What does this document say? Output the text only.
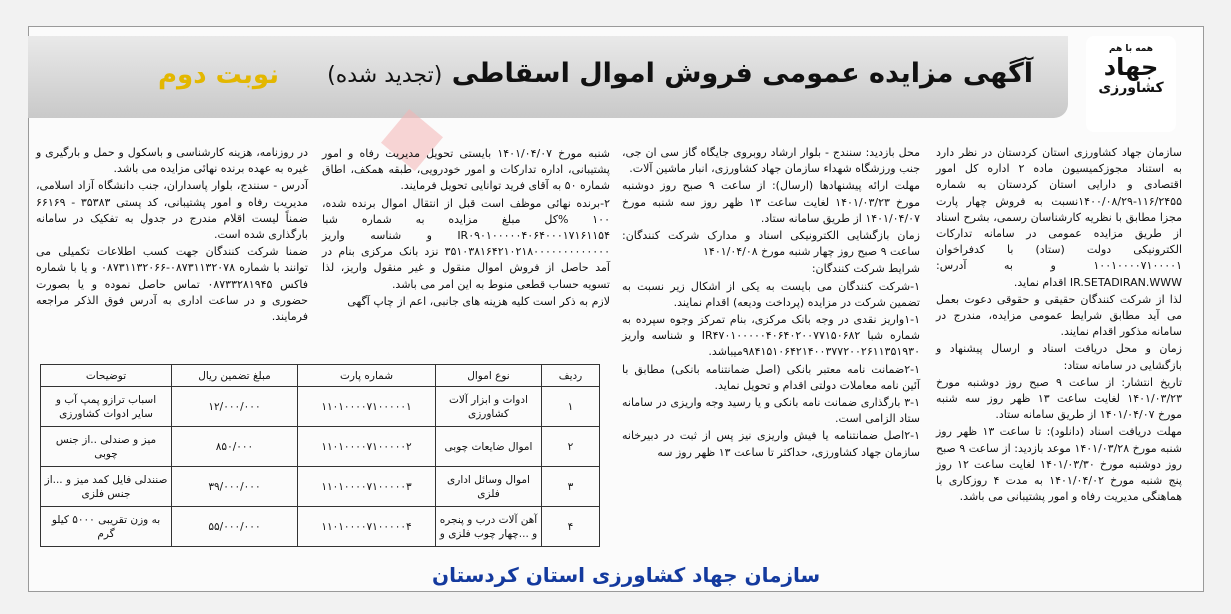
همه با هم
جهاد
کشاورزی
آگهی مزایده عمومی فروش اموال اسقاطی (تجدید شده)
نوبت دوم

سازمان جهاد کشاورزی استان کردستان در نظر دارد به استناد مجوزکمیسیون ماده ۲ اداره کل امور اقتصادی و دارایی استان کردستان به شماره ۱۱۶/۲۴۵۵-۱۴۰۰/۰۸/۲۹نسبت به فروش چهار پارت مجزا مطابق با نظریه کارشناسان رسمی، بشرح اسناد از طریق مزایده عمومی در سامانه تدارکات الکترونیکی دولت (ستاد) با کدفراخوان ۱۰۰۱۰۰۰۰۷۱۰۰۰۰۱ و به آدرس: IR.SETADIRAN.WWW اقدام نماید.

لذا از شرکت کنندگان حقیقی و حقوقی دعوت بعمل می آید مطابق شرایط عمومی مزایده، مندرج در سامانه مذکور اقدام نمایند.

زمان و محل دریافت اسناد و ارسال پیشنهاد و بازگشایی در سامانه ستاد:

تاریخ انتشار: از ساعت ۹ صبح روز دوشنبه مورخ ۱۴۰۱/۰۳/۲۳ لغایت ساعت ۱۳ ظهر روز سه شنبه مورخ ۱۴۰۱/۰۴/۰۷ از طریق سامانه ستاد.

مهلت دریافت اسناد (دانلود): تا ساعت ۱۳ ظهر روز شنبه مورخ ۱۴۰۱/۰۳/۲۸ موعد بازدید: از ساعت ۹ صبح روز دوشنبه مورخ ۱۴۰۱/۰۳/۳۰ لغایت ساعت ۱۲ روز پنج شنبه مورخ ۱۴۰۱/۰۴/۰۲ به مدت ۴ روزکاری با هماهنگی مدیریت رفاه و امور پشتیبانی می باشد.

محل بازدید: سنندج - بلوار ارشاد روبروی جایگاه گاز سی ان جی، جنب ورزشگاه شهداء سازمان جهاد کشاورزی، انبار ماشین آلات.

مهلت ارائه پیشنهادها (ارسال): از ساعت ۹ صبح روز دوشنبه مورخ ۱۴۰۱/۰۳/۲۳ لغایت ساعت ۱۳ ظهر روز سه شنبه مورخ ۱۴۰۱/۰۴/۰۷ از طریق سامانه ستاد.

زمان بازگشایی الکترونیکی اسناد و مدارک شرکت کنندگان: ساعت ۹ صبح روز چهار شنبه مورخ ۱۴۰۱/۰۴/۰۸

شرایط شرکت کنندگان:

۱-شرکت کنندگان می بایست به یکی از اشکال زیر نسبت به تضمین شرکت در مزایده (پرداخت ودیعه) اقدام نمایند.

۱-۱واریز نقدی در وجه بانک مرکزی، بنام تمرکز وجوه سپرده به شماره شبا IR۴۷۰۱۰۰۰۰۰۴۰۶۴۰۲۰۰۷۷۱۵۰۶۸۲ و شناسه واریز ۹۸۴۱۵۱۰۶۴۲۱۴۰۰۳۷۷۲۰۰۲۶۱۱۳۵۱۹۳۰میباشد.

۲-۱ضمانت نامه معتبر بانکی (اصل ضمانتنامه بانکی) مطابق با آئین نامه معاملات دولتی اقدام و تحویل نماید.

۳-۱ بارگذاری ضمانت نامه بانکی و یا رسید وجه واریزی در سامانه ستاد الزامی است.

۲-۱اصل ضمانتنامه یا فیش واریزی نیز پس از ثبت در دبیرخانه سازمان جهاد کشاورزی، حداکثر تا ساعت ۱۳ ظهر روز سه

شنبه مورخ ۱۴۰۱/۰۴/۰۷ بایستی تحویل مدیریت رفاه و امور پشتیبانی، اداره تدارکات و امور خودرویی، طبقه همکف، اطاق شماره ۵۰ به آقای فرید توانایی تحویل فرمایند.

۲-برنده نهائی موظف است قبل از انتقال اموال برنده شده، ۱۰۰ %کل مبلغ مزایده به شماره شبا IR۰۹۰۱۰۰۰۰۰۴۰۶۴۰۰۰۱۷۱۶۱۱۵۴ و شناسه واریز ۳۵۱۰۳۸۱۶۴۲۱۰۲۱۸۰۰۰۰۰۰۰۰۰۰۰۰۰ نزد بانک مرکزی بنام در آمد حاصل از فروش اموال منقول و غیر منقول واریز، لذا تسویه حساب قطعی منوط به این امر می باشد.

لازم به ذکر است کلیه هزینه های جانبی، اعم از چاپ آگهی

در روزنامه، هزینه کارشناسی و باسکول و حمل و بارگیری و غیره به عهده برنده نهائی مزایده می باشد.

آدرس - سنندج، بلوار پاسداران، جنب دانشگاه آزاد اسلامی، مدیریت رفاه و امور پشتیبانی، کد پستی ۳۵۳۸۳ - ۶۶۱۶۹ ضمناً لیست اقلام مندرج در جدول به تفکیک در سامانه بارگذاری شده است.

ضمنا شرکت کنندگان جهت کسب اطلاعات تکمیلی می توانند با شماره ۰۸۷۳۱۱۳۲۰۷۸-۰۸۷۳۱۱۳۲۰۶۶ و یا با شماره فاکس ۰۸۷۳۳۲۸۱۹۴۵ تماس حاصل نموده و یا بصورت حضوری و در ساعت اداری به آدرس فوق الذکر مراجعه فرمایند.

ردیف	نوع اموال	شماره پارت	مبلغ تضمین ریال	توضیحات
۱	ادوات و ابزار آلات کشاورزی	۱۱۰۱۰۰۰۰۷۱۰۰۰۰۰۱	۱۲/۰۰۰/۰۰۰	اسباب ترازو پمپ آب و سایر ادوات کشاورزی
۲	اموال ضایعات چوبی	۱۱۰۱۰۰۰۰۷۱۰۰۰۰۰۲	۸۵۰/۰۰۰	میز و صندلی ..از جنس چوبی
۳	اموال وسائل اداری فلزی	۱۱۰۱۰۰۰۰۷۱۰۰۰۰۰۳	۳۹/۰۰۰/۰۰۰	صنندلی فایل کمد میز و ...از جنس فلزی
۴	آهن آلات درب و پنجره و ...چهار چوب فلزی و	۱۱۰۱۰۰۰۰۷۱۰۰۰۰۰۴	۵۵/۰۰۰/۰۰۰	به وزن تقریبی ۵۰۰۰ کیلو گرم
سازمان جهاد کشاورزی استان کردستان
